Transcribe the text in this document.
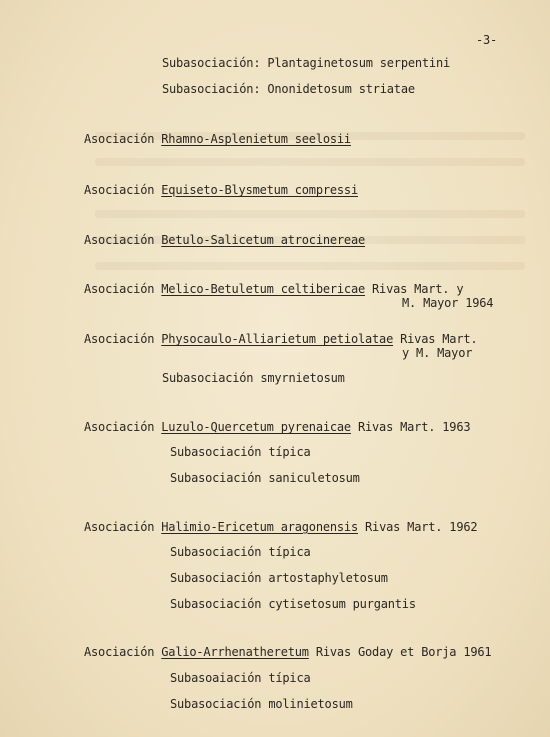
-3-
Subasociación: Plantaginetosum serpentini
Subasociación: Ononidetosum striatae
Asociación Rhamno-Asplenietum seelosii
Asociación Equiseto-Blysmetum compressi
Asociación Betulo-Salicetum atrocinereae
Asociación Melico-Betuletum celtibericae Rivas Mart. y
M. Mayor 1964
Asociación Physocaulo-Alliarietum petiolatae Rivas Mart.
y M. Mayor
Subasociación smyrnietosum
Asociación Luzulo-Quercetum pyrenaicae Rivas Mart. 1963
Subasociación típica
Subasociación saniculetosum
Asociación Halimio-Ericetum aragonensis Rivas Mart. 1962
Subasociación típica
Subasociación artostaphyletosum
Subasociación cytisetosum purgantis
Asociación Galio-Arrhenatheretum Rivas Goday et Borja 1961
Subasoaiación típica
Subasociación molinietosum
